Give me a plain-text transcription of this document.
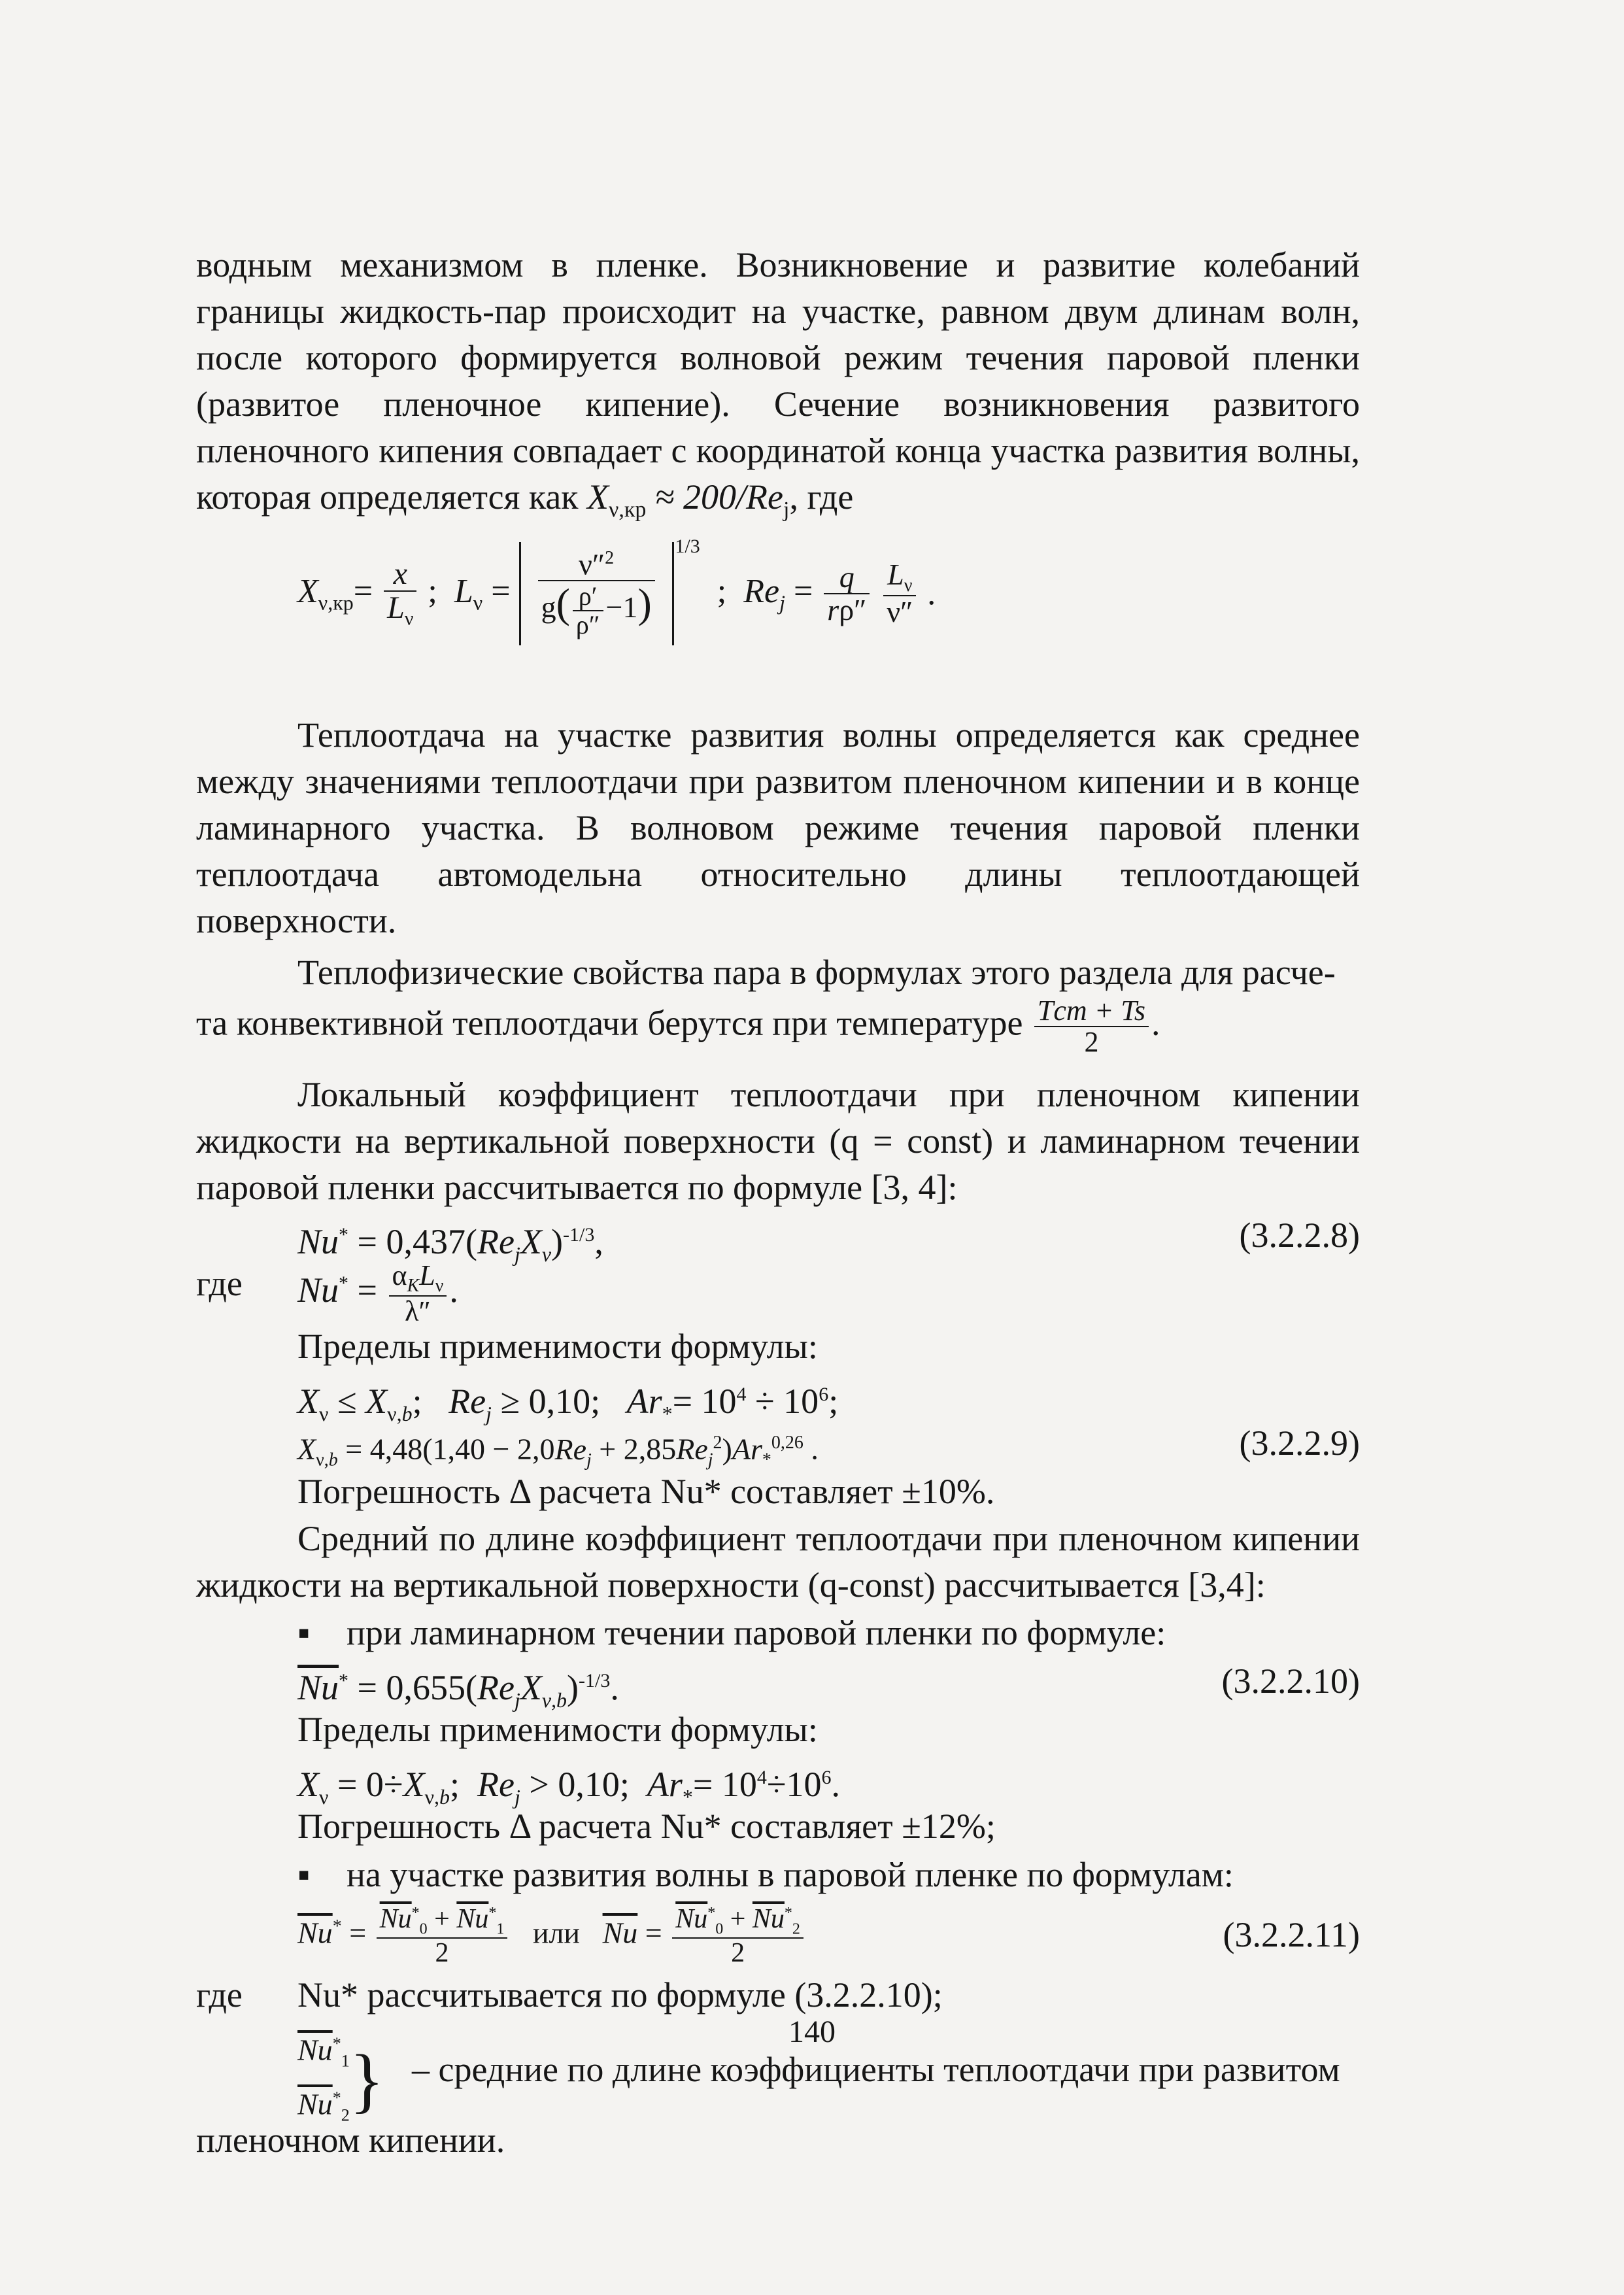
водным механизмом в пленке. Возникновение и развитие колебаний границы жидкость-пар происходит на участке, равном двум длинам волн, после которого формируется волновой режим течения паровой пленки (развитое пленочное кипение). Сечение возникновения развитого пленочного кипения совпадает с координатой конца участка развития волны, которая определяется как $X_{\nu,кр} \approx 200/Re_j$, где

$X_{\nu,кр}= \frac{x}{L_\nu}$ ;  $L_\nu = \frac{\nu''^2}{g( \frac{\rho'}{\rho''} -1)}$
1/3
;  $Re_j = \frac{q}{r\rho''}$
$\frac{L_\nu}{\nu''}$ .

Теплоотдача на участке развития волны определяется как среднее между значениями теплоотдачи при развитом пленочном кипении и в конце ламинарного участка. В волновом режиме течения паровой пленки теплоотдача автомодельна относительно длины теплоотдающей поверхности.

Теплофизические свойства пара в формулах этого раздела для расче-

та конвективной теплоотдачи берутся при температуре $\frac{\text{Tст + Ts}}{2}$ .

Локальный коэффициент теплоотдачи при пленочном кипении жидкости на вертикальной поверхности (q = const) и ламинарном течении паровой пленки рассчитывается по формуле [3, 4]:

$Nu^* = 0,437(Re_jX_\nu)^{-1/3}$,	(3.2.2.8)
где $Nu^* = \frac{\alpha_KL_\nu}{\lambda''}$ .
Пределы применимости формулы:
$X_\nu \le X_{\nu,b}$;   $Re_j \ge 0,10$;   $Ar_*= 10^4 \div 10^6$;
$X_{\nu,b} = 4,48(1,40 - 2,0Re_j + 2,85Re_j^2)Ar_*^{0,26}$ .	(3.2.2.9)
Погрешность Δ расчета Nu* составляет ±10%.

Средний по длине коэффициент теплоотдачи при пленочном кипении жидкости на вертикальной поверхности (q-const) рассчитывается [3,4]:

▪ при ламинарном течении паровой пленки по формуле:
$\overline{Nu}^* = 0,655(Re_jX_{\nu,b})^{-1/3}$.	(3.2.2.10)
Пределы применимости формулы:
$X_\nu = 0\div X_{\nu,b}$;  $Re_j > 0,10$;  $Ar_*= 10^4\div 10^6$.
Погрешность Δ расчета Nu* составляет ±12%;
▪ на участке развития волны в паровой пленке по формулам:
$\overline{Nu}^* = \frac{\overline{Nu}^*_0 + \overline{Nu}^*_1}{2}$ или $\overline{Nu} = \frac{\overline{Nu}^*_0 + \overline{Nu}^*_2}{2}$	(3.2.2.11)
где Nu* рассчитывается по формуле (3.2.2.10);
$\overline{Nu}^*_1$
$\overline{Nu}^*_2$} – средние по длине коэффициенты теплоотдачи при развитом

пленочном кипении.

140
